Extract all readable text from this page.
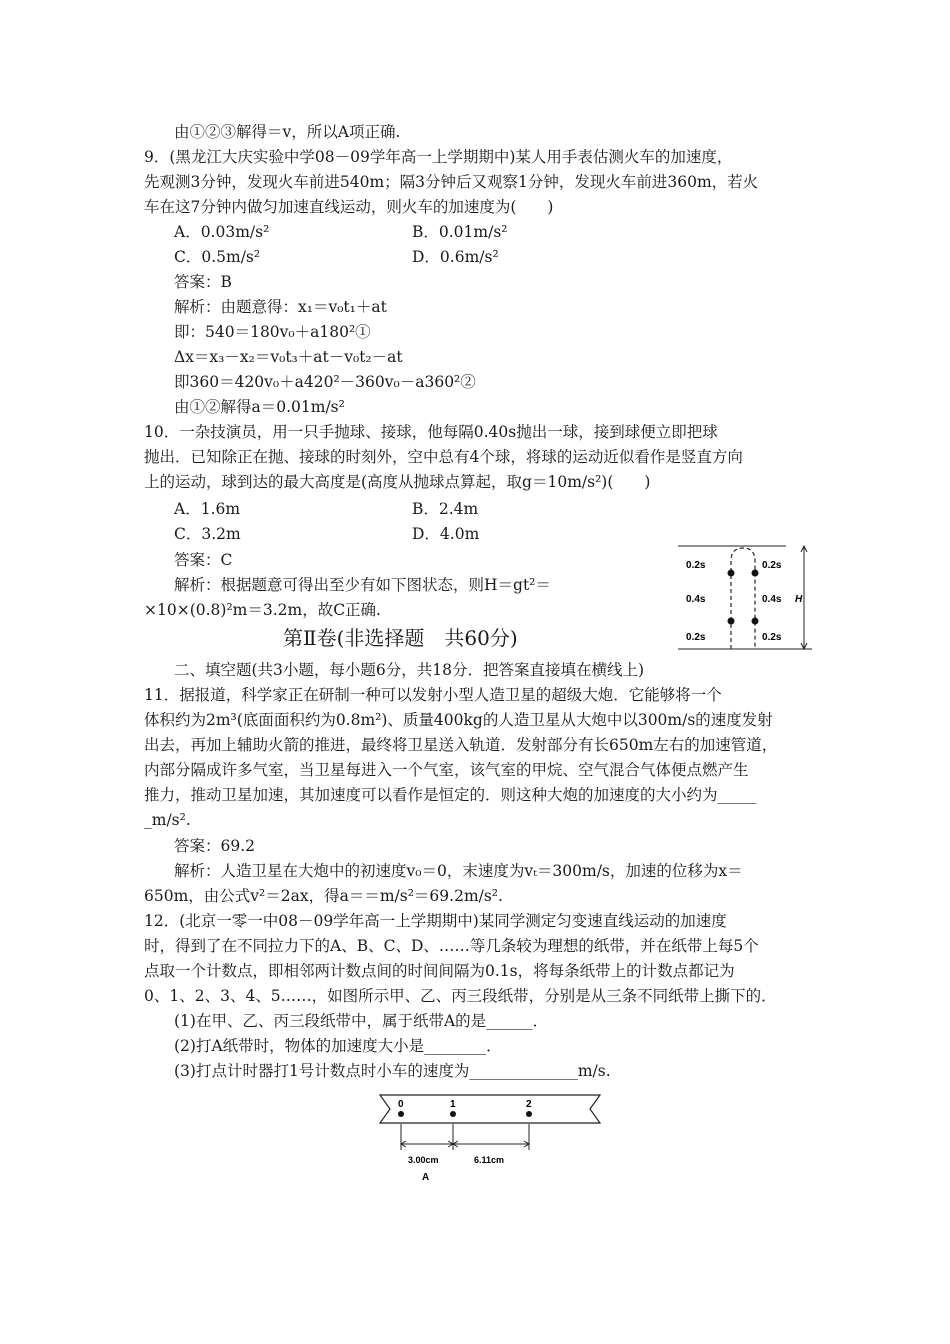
由①②③解得＝v，所以A项正确.
9．(黑龙江大庆实验中学08－09学年高一上学期期中)某人用手表估测火车的加速度，
先观测3分钟，发现火车前进540m；隔3分钟后又观察1分钟，发现火车前进360m，若火
车在这7分钟内做匀加速直线运动，则火车的加速度为(　　)
A．0.03m/s²	B．0.01m/s²
C．0.5m/s²	D．0.6m/s²
答案：B
解析：由题意得：x₁＝v₀t₁＋at
即：540＝180v₀＋a180²①
Δx＝x₃－x₂＝v₀t₃＋at－v₀t₂－at
即360＝420v₀＋a420²－360v₀－a360²②
由①②解得a＝0.01m/s²
10．一杂技演员，用一只手抛球、接球，他每隔0.40s抛出一球，接到球便立即把球
抛出．已知除正在抛、接球的时刻外，空中总有4个球，将球的运动近似看作是竖直方向
上的运动，球到达的最大高度是(高度从抛球点算起，取g＝10m/s²)(　　)
A．1.6m	B．2.4m
C．3.2m	D．4.0m
答案：C
解析：根据题意可得出至少有如下图状态，则H＝gt²＝
×10×(0.8)²m＝3.2m，故C正确.
第Ⅱ卷(非选择题　共60分)
二、填空题(共3小题，每小题6分，共18分．把答案直接填在横线上)
11．据报道，科学家正在研制一种可以发射小型人造卫星的超级大炮．它能够将一个
体积约为2m³(底面面积约为0.8m²)、质量400kg的人造卫星从大炮中以300m/s的速度发射
出去，再加上辅助火箭的推进，最终将卫星送入轨道．发射部分有长650m左右的加速管道，
内部分隔成许多气室，当卫星每进入一个气室，该气室的甲烷、空气混合气体便点燃产生
推力，推动卫星加速，其加速度可以看作是恒定的．则这种大炮的加速度的大小约为_____
_m/s².
答案：69.2
解析：人造卫星在大炮中的初速度v₀＝0，末速度为vₜ＝300m/s，加速的位移为x＝
650m，由公式v²＝2ax，得a＝＝m/s²＝69.2m/s².
12．(北京一零一中08－09学年高一上学期期中)某同学测定匀变速直线运动的加速度
时，得到了在不同拉力下的A、B、C、D、……等几条较为理想的纸带，并在纸带上每5个
点取一个计数点，即相邻两计数点间的时间间隔为0.1s，将每条纸带上的计数点都记为
0、1、2、3、4、5……，如图所示甲、乙、丙三段纸带，分别是从三条不同纸带上撕下的．
(1)在甲、乙、丙三段纸带中，属于纸带A的是______．
(2)打A纸带时，物体的加速度大小是________．
(3)打点计时器打1号计数点时小车的速度为______________m/s.
0.2s	0.2s
0.4s	0.4s
0.2s	0.2s
H
0	1	2
3.00cm	6.11cm
A
